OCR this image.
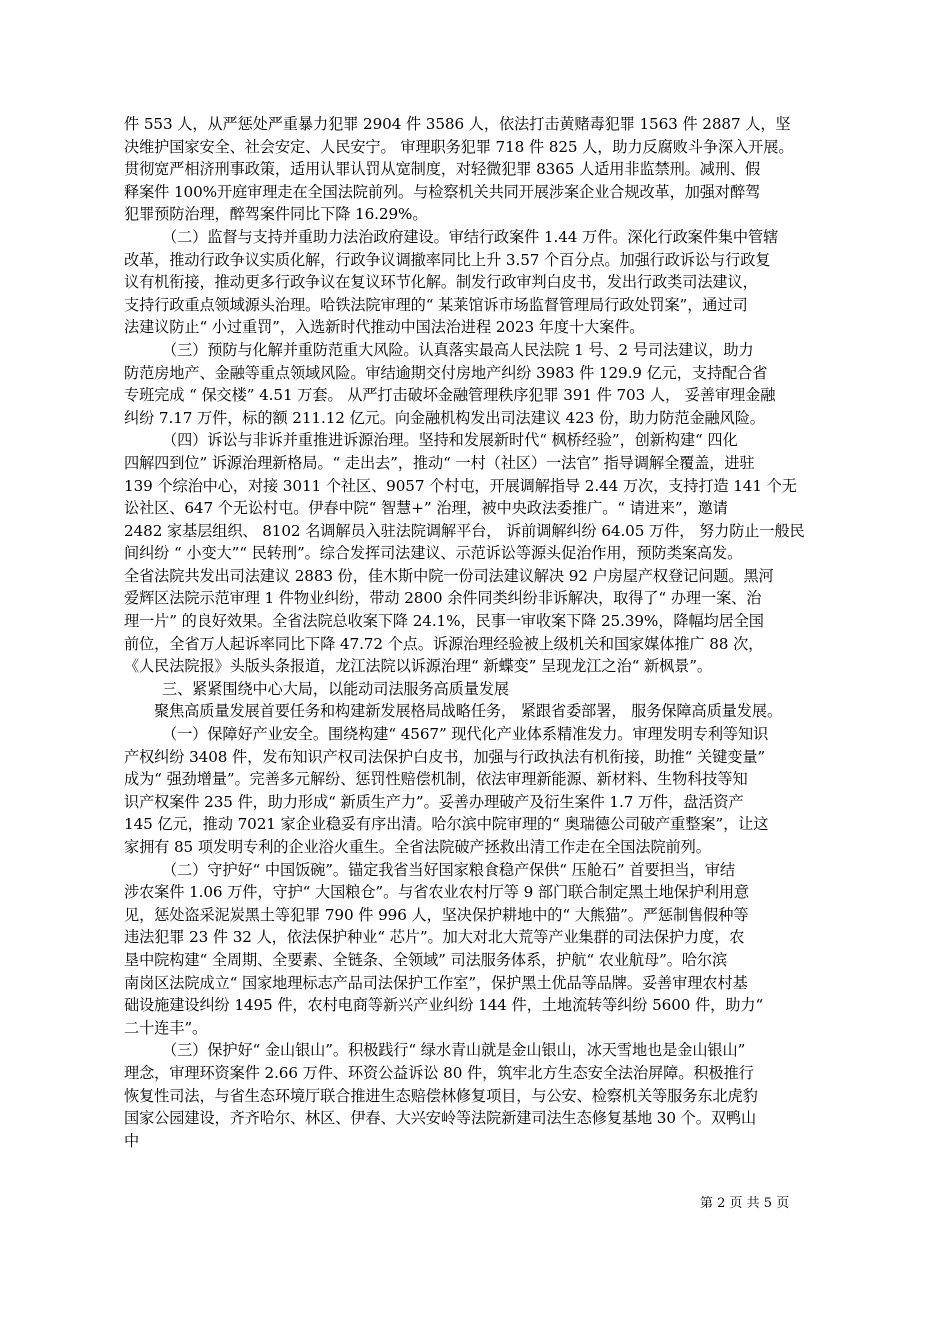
件 553 人，从严惩处严重暴力犯罪 2904 件 3586 人，依法打击黄赌毒犯罪 1563 件 2887 人，坚
决维护国家安全、社会安定、人民安宁。 审理职务犯罪 718 件 825 人，助力反腐败斗争深入开展。
贯彻宽严相济刑事政策，适用认罪认罚从宽制度，对轻微犯罪 8365 人适用非监禁刑。减刑、假
释案件 100%开庭审理走在全国法院前列。与检察机关共同开展涉案企业合规改革，加强对醉驾
犯罪预防治理，醉驾案件同比下降 16.29%。
（二）监督与支持并重助力法治政府建设。审结行政案件 1.44 万件。深化行政案件集中管辖
改革，推动行政争议实质化解，行政争议调撤率同比上升 3.57 个百分点。加强行政诉讼与行政复
议有机衔接，推动更多行政争议在复议环节化解。制发行政审判白皮书，发出行政类司法建议，
支持行政重点领域源头治理。哈铁法院审理的“ 某莱馆诉市场监督管理局行政处罚案”，通过司
法建议防止“ 小过重罚”，入选新时代推动中国法治进程 2023 年度十大案件。
（三）预防与化解并重防范重大风险。认真落实最高人民法院 1 号、2 号司法建议，助力
防范房地产、金融等重点领域风险。审结逾期交付房地产纠纷 3983 件 129.9 亿元，支持配合省
专班完成 “ 保交楼” 4.51 万套。 从严打击破坏金融管理秩序犯罪 391 件 703 人， 妥善审理金融
纠纷 7.17 万件，标的额 211.12 亿元。向金融机构发出司法建议 423 份，助力防范金融风险。
（四）诉讼与非诉并重推进诉源治理。坚持和发展新时代“ 枫桥经验”，创新构建“ 四化
四解四到位” 诉源治理新格局。“ 走出去”，推动“ 一村（社区）一法官” 指导调解全覆盖，进驻
139 个综治中心，对接 3011 个社区、9057 个村屯，开展调解指导 2.44 万次，支持打造 141 个无
讼社区、647 个无讼村屯。伊春中院“ 智慧+” 治理，被中央政法委推广。“ 请进来”，邀请
2482 家基层组织、 8102 名调解员入驻法院调解平台， 诉前调解纠纷 64.05 万件， 努力防止一般民
间纠纷 “ 小变大”“ 民转刑”。综合发挥司法建议、示范诉讼等源头促治作用，预防类案高发。
全省法院共发出司法建议 2883 份，佳木斯中院一份司法建议解决 92 户房屋产权登记问题。黑河
爱辉区法院示范审理 1 件物业纠纷，带动 2800 余件同类纠纷非诉解决，取得了“ 办理一案、治
理一片” 的良好效果。全省法院总收案下降 24.1%，民事一审收案下降 25.39%，降幅均居全国
前位，全省万人起诉率同比下降 47.72 个点。诉源治理经验被上级机关和国家媒体推广 88 次，
《人民法院报》头版头条报道，龙江法院以诉源治理“ 新蝶变” 呈现龙江之治“ 新枫景”。
三、紧紧围绕中心大局，以能动司法服务高质量发展
聚焦高质量发展首要任务和构建新发展格局战略任务， 紧跟省委部署， 服务保障高质量发展。
（一）保障好产业安全。围绕构建“ 4567” 现代化产业体系精准发力。审理发明专利等知识
产权纠纷 3408 件，发布知识产权司法保护白皮书，加强与行政执法有机衔接，助推“ 关键变量”
成为“ 强劲增量”。完善多元解纷、惩罚性赔偿机制，依法审理新能源、新材料、生物科技等知
识产权案件 235 件，助力形成“ 新质生产力”。妥善办理破产及衍生案件 1.7 万件，盘活资产
145 亿元，推动 7021 家企业稳妥有序出清。哈尔滨中院审理的“ 奥瑞德公司破产重整案”，让这
家拥有 85 项发明专利的企业浴火重生。全省法院破产拯救出清工作走在全国法院前列。
（二）守护好“ 中国饭碗”。锚定我省当好国家粮食稳产保供“ 压舱石” 首要担当，审结
涉农案件 1.06 万件，守护“ 大国粮仓”。与省农业农村厅等 9 部门联合制定黑土地保护利用意
见，惩处盗采泥炭黑土等犯罪 790 件 996 人，坚决保护耕地中的“ 大熊猫”。严惩制售假种等
违法犯罪 23 件 32 人，依法保护种业“ 芯片”。加大对北大荒等产业集群的司法保护力度，农
垦中院构建“ 全周期、全要素、全链条、全领域” 司法服务体系，护航“ 农业航母”。哈尔滨
南岗区法院成立“ 国家地理标志产品司法保护工作室”，保护黑土优品等品牌。妥善审理农村基
础设施建设纠纷 1495 件，农村电商等新兴产业纠纷 144 件，土地流转等纠纷 5600 件，助力“
二十连丰”。
（三）保护好“ 金山银山”。积极践行“ 绿水青山就是金山银山，冰天雪地也是金山银山”
理念，审理环资案件 2.66 万件、环资公益诉讼 80 件，筑牢北方生态安全法治屏障。积极推行
恢复性司法，与省生态环境厅联合推进生态赔偿林修复项目，与公安、检察机关等服务东北虎豹
国家公园建设，齐齐哈尔、林区、伊春、大兴安岭等法院新建司法生态修复基地 30 个。双鸭山
中
第 2 页 共 5 页
